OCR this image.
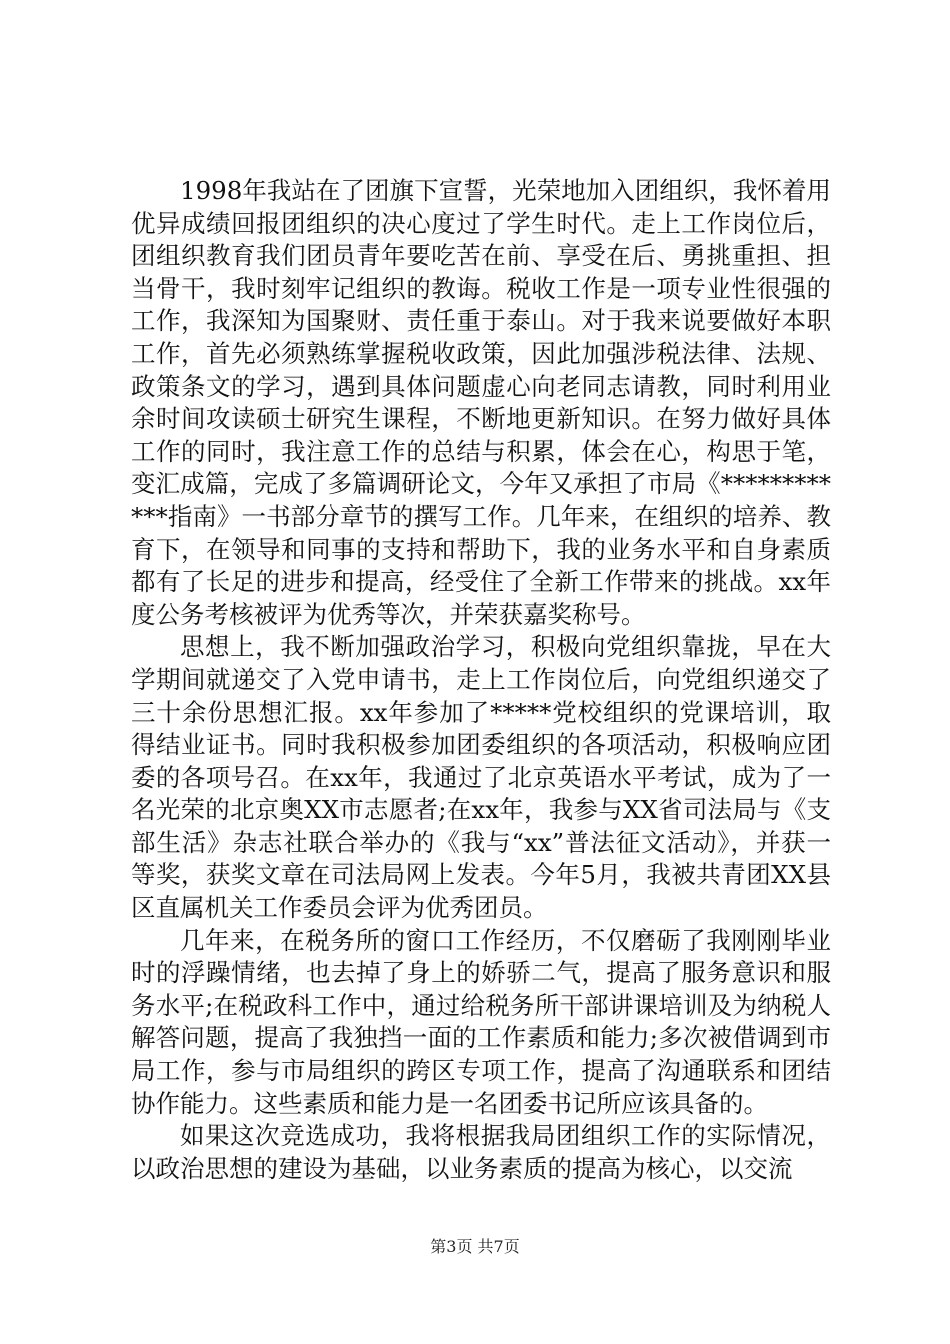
1998年我站在了团旗下宣誓，光荣地加入团组织，我怀着用优异成绩回报团组织的决心度过了学生时代。走上工作岗位后，团组织教育我们团员青年要吃苦在前、享受在后、勇挑重担、担当骨干，我时刻牢记组织的教诲。税收工作是一项专业性很强的工作，我深知为国聚财、责任重于泰山。对于我来说要做好本职工作，首先必须熟练掌握税收政策，因此加强涉税法律、法规、政策条文的学习，遇到具体问题虚心向老同志请教，同时利用业余时间攻读硕士研究生课程，不断地更新知识。在努力做好具体工作的同时，我注意工作的总结与积累，体会在心，构思于笔，变汇成篇，完成了多篇调研论文，今年又承担了市局《************指南》一书部分章节的撰写工作。几年来，在组织的培养、教育下，在领导和同事的支持和帮助下，我的业务水平和自身素质都有了长足的进步和提高，经受住了全新工作带来的挑战。xx年度公务考核被评为优秀等次，并荣获嘉奖称号。

思想上，我不断加强政治学习，积极向党组织靠拢，早在大学期间就递交了入党申请书，走上工作岗位后，向党组织递交了三十余份思想汇报。xx年参加了*****党校组织的党课培训，取得结业证书。同时我积极参加团委组织的各项活动，积极响应团委的各项号召。在xx年，我通过了北京英语水平考试，成为了一名光荣的北京奥XX市志愿者;在xx年，我参与XX省司法局与《支部生活》杂志社联合举办的《我与“xx”普法征文活动》，并获一等奖，获奖文章在司法局网上发表。今年5月，我被共青团XX县区直属机关工作委员会评为优秀团员。

几年来，在税务所的窗口工作经历，不仅磨砺了我刚刚毕业时的浮躁情绪，也去掉了身上的娇骄二气，提高了服务意识和服务水平;在税政科工作中，通过给税务所干部讲课培训及为纳税人解答问题，提高了我独挡一面的工作素质和能力;多次被借调到市局工作，参与市局组织的跨区专项工作，提高了沟通联系和团结协作能力。这些素质和能力是一名团委书记所应该具备的。

如果这次竞选成功，我将根据我局团组织工作的实际情况，以政治思想的建设为基础，以业务素质的提高为核心，以交流

第3页 共7页
